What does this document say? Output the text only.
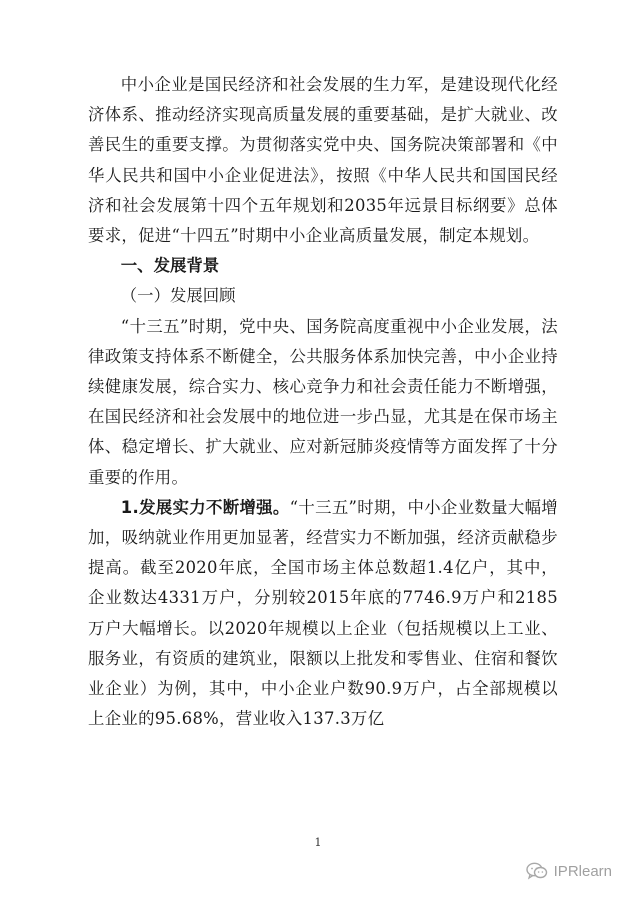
中小企业是国民经济和社会发展的生力军，是建设现代化经济体系、推动经济实现高质量发展的重要基础，是扩大就业、改善民生的重要支撑。为贯彻落实党中央、国务院决策部署和《中华人民共和国中小企业促进法》，按照《中华人民共和国国民经济和社会发展第十四个五年规划和2035年远景目标纲要》总体要求，促进“十四五”时期中小企业高质量发展，制定本规划。

一、发展背景

（一）发展回顾

“十三五”时期，党中央、国务院高度重视中小企业发展，法律政策支持体系不断健全，公共服务体系加快完善，中小企业持续健康发展，综合实力、核心竞争力和社会责任能力不断增强，在国民经济和社会发展中的地位进一步凸显，尤其是在保市场主体、稳定增长、扩大就业、应对新冠肺炎疫情等方面发挥了十分重要的作用。

1.发展实力不断增强。“十三五”时期，中小企业数量大幅增加，吸纳就业作用更加显著，经营实力不断加强，经济贡献稳步提高。截至2020年底，全国市场主体总数超1.4亿户，其中，企业数达4331万户，分别较2015年底的7746.9万户和2185万户大幅增长。以2020年规模以上企业（包括规模以上工业、服务业，有资质的建筑业，限额以上批发和零售业、住宿和餐饮业企业）为例，其中，中小企业户数90.9万户，占全部规模以上企业的95.68%，营业收入137.3万亿

1
IPRlearn
